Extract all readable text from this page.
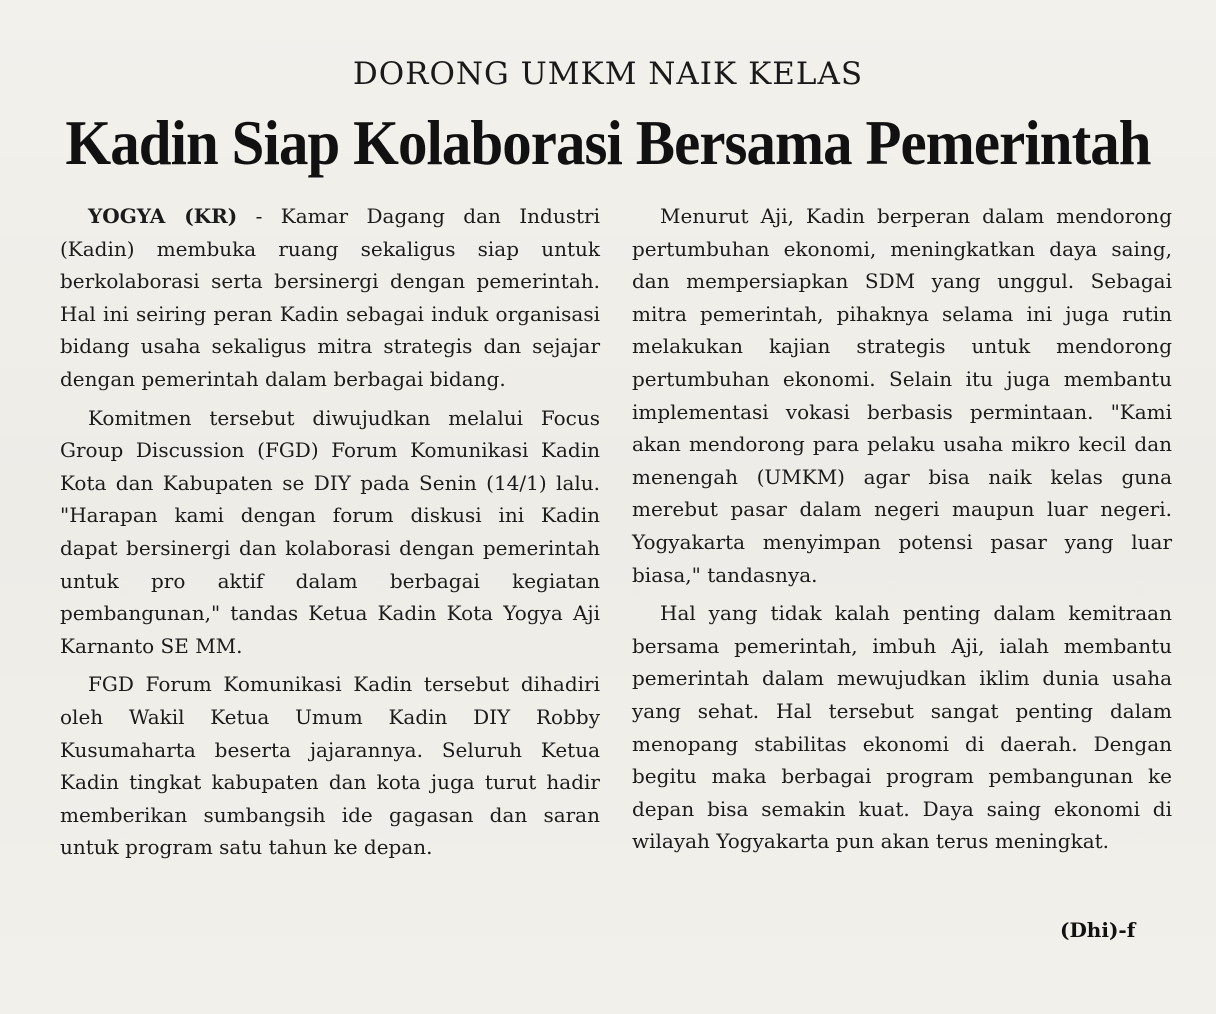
DORONG UMKM NAIK KELAS
Kadin Siap Kolaborasi Bersama Pemerintah

YOGYA (KR) - Kamar Dagang dan Industri (Kadin) membuka ruang sekaligus siap untuk berkolaborasi serta bersinergi dengan pemerintah. Hal ini seiring peran Kadin sebagai induk organisasi bidang usaha sekaligus mitra strategis dan sejajar dengan pemerintah dalam berbagai bidang.

Komitmen tersebut diwujudkan melalui Focus Group Discussion (FGD) Forum Komunikasi Kadin Kota dan Kabupaten se DIY pada Senin (14/1) lalu. "Harapan kami dengan forum diskusi ini Kadin dapat bersinergi dan kolaborasi dengan pemerintah untuk pro aktif dalam berbagai kegiatan pembangunan," tandas Ketua Kadin Kota Yogya Aji Karnanto SE MM.

FGD Forum Komunikasi Kadin tersebut dihadiri oleh Wakil Ketua Umum Kadin DIY Robby Kusumaharta beserta jajarannya. Seluruh Ketua Kadin tingkat kabupaten dan kota juga turut hadir memberikan sumbangsih ide gagasan dan saran untuk program satu tahun ke depan.

Menurut Aji, Kadin berperan dalam mendorong pertumbuhan ekonomi, meningkatkan daya saing, dan mempersiapkan SDM yang unggul. Sebagai mitra pemerintah, pihaknya selama ini juga rutin melakukan kajian strategis untuk mendorong pertumbuhan ekonomi. Selain itu juga membantu implementasi vokasi berbasis permintaan. "Kami akan mendorong para pelaku usaha mikro kecil dan menengah (UMKM) agar bisa naik kelas guna merebut pasar dalam negeri maupun luar negeri. Yogyakarta menyimpan potensi pasar yang luar biasa," tandasnya.

Hal yang tidak kalah penting dalam kemitraan bersama pemerintah, imbuh Aji, ialah membantu pemerintah dalam mewujudkan iklim dunia usaha yang sehat. Hal tersebut sangat penting dalam menopang stabilitas ekonomi di daerah. Dengan begitu maka berbagai program pembangunan ke depan bisa semakin kuat. Daya saing ekonomi di wilayah Yogyakarta pun akan terus meningkat.

(Dhi)-f
